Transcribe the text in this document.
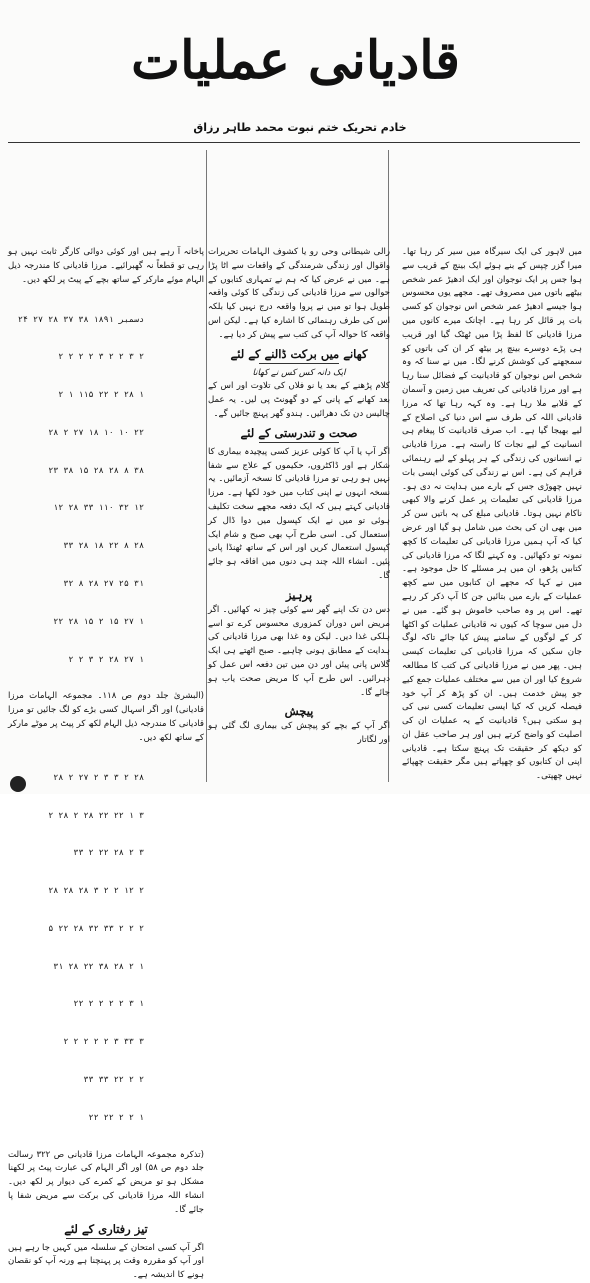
قادیانی عملیات
خادم تحریک ختم نبوت محمد طاہر رزاق

میں لاہور کی ایک سیرگاہ میں سیر کر رہا تھا۔ میرا گزر چپس کے بنے ہوئے ایک بینچ کے قریب سے ہوا جس پر ایک نوجوان اور ایک ادھیڑ عمر شخص بیٹھے باتوں میں مصروف تھے۔ مجھے یوں محسوس ہوا جیسے ادھیڑ عمر شخص اس نوجوان کو کسی بات پر قائل کر رہا ہے۔ اچانک میرے کانوں میں مرزا قادیانی کا لفظ پڑا میں ٹھٹک گیا اور قریب ہی پڑے دوسرے بینچ پر بیٹھ کر ان کی باتوں کو سمجھنے کی کوشش کرنے لگا۔ میں نے سنا کہ وہ شخص اس نوجوان کو قادیانیت کے فضائل سنا رہا ہے اور مرزا قادیانی کی تعریف میں زمین و آسمان کے قلابے ملا رہا ہے۔ وہ کہہ رہا تھا کہ مرزا قادیانی اللہ کی طرف سے اس دنیا کی اصلاح کے لیے بھیجا گیا ہے۔ اب صرف قادیانیت کا پیغام ہی انسانیت کے لیے نجات کا راستہ ہے۔ مرزا قادیانی نے انسانوں کی زندگی کے ہر پہلو کے لیے رہنمائی فراہم کی ہے۔ اس نے زندگی کی کوئی ایسی بات نہیں چھوڑی جس کے بارے میں ہدایت نہ دی ہو۔ مرزا قادیانی کی تعلیمات پر عمل کرنے والا کبھی ناکام نہیں ہوتا۔ قادیانی مبلغ کی یہ باتیں سن کر میں بھی ان کی بحث میں شامل ہو گیا اور عرض کیا کہ آپ ہمیں مرزا قادیانی کی تعلیمات کا کچھ نمونہ تو دکھائیں۔ وہ کہنے لگا کہ مرزا قادیانی کی کتابیں پڑھو، ان میں ہر مسئلے کا حل موجود ہے۔ میں نے کہا کہ مجھے ان کتابوں میں سے کچھ عملیات کے بارے میں بتائیں جن کا آپ ذکر کر رہے تھے۔ اس پر وہ صاحب خاموش ہو گئے۔ میں نے دل میں سوچا کہ کیوں نہ قادیانی عملیات کو اکٹھا کر کے لوگوں کے سامنے پیش کیا جائے تاکہ لوگ جان سکیں کہ مرزا قادیانی کی تعلیمات کیسی ہیں۔ پھر میں نے مرزا قادیانی کی کتب کا مطالعہ شروع کیا اور ان میں سے مختلف عملیات جمع کیے جو پیش خدمت ہیں۔ ان کو پڑھ کر آپ خود فیصلہ کریں کہ کیا ایسی تعلیمات کسی نبی کی ہو سکتی ہیں؟ قادیانیت کے یہ عملیات ان کی اصلیت کو واضح کرتے ہیں اور ہر صاحب عقل ان کو دیکھ کر حقیقت تک پہنچ سکتا ہے۔ قادیانی اپنی ان کتابوں کو چھپاتے ہیں مگر حقیقت چھپائے نہیں چھپتی۔

رالی شیطانی وحی رو یا کشوف الہامات تحریرات واقوال اور زندگی شرمندگی کے واقعات سے اٹا پڑا ہے۔ میں نے عرض کیا کہ ہم نے تمہاری کتابوں کے حوالوں سے مرزا قادیانی کی زندگی کا کوئی واقعہ طویل ہوا تو میں نے پروا واقعہ درج نہیں کیا بلکہ اس کی طرف رہنمائی کا اشارہ کیا ہے۔ لیکن اس واقعہ کا حوالہ آپ کی کتب سے پیش کر دیا ہے۔

کھانے میں برکت ڈالنے کے لئے

ایک دانہ کس کس نے کھانا

کلام پڑھنے کے بعد یا نو فلاں کی تلاوت اور اس کے بعد کھانے کے پانی کے دو گھونٹ پی لیں۔ یہ عمل چالیس دن تک دھرائیں۔ ہندو گھر پہنچ جائیں گے۔

صحت و تندرستی کے لئے

اگر آپ یا آپ کا کوئی عزیز کسی پیچیدہ بیماری کا شکار ہے اور ڈاکٹروں، حکیموں کے علاج سے شفا نہیں ہو رہی تو مرزا قادیانی کا نسخہ آزمائیں۔ یہ نسخہ انہوں نے اپنی کتاب میں خود لکھا ہے۔ مرزا قادیانی کہتے ہیں کہ ایک دفعہ مجھے سخت تکلیف ہوئی تو میں نے ایک کپسول میں دوا ڈال کر استعمال کی۔ اسی طرح آپ بھی صبح و شام ایک کپسول استعمال کریں اور اس کے ساتھ ٹھنڈا پانی پئیں۔ انشاء اللہ چند ہی دنوں میں افاقہ ہو جائے گا۔

پرہیز

دس دن تک اپنے گھر سے کوئی چیز نہ کھائیں۔ اگر مریض اس دوران کمزوری محسوس کرے تو اسے ہلکی غذا دیں۔ لیکن وہ غذا بھی مرزا قادیانی کی ہدایت کے مطابق ہونی چاہیے۔ صبح اٹھتے ہی ایک گلاس پانی پیئں اور دن میں تین دفعہ اس عمل کو دہرائیں۔ اس طرح آپ کا مریض صحت یاب ہو جائے گا۔

پیچش

اگر آپ کے بچے کو پیچش کی بیماری لگ گئی ہو اور لگاتار

پاخانہ آ رہے ہیں اور کوئی دوائی کارگر ثابت نہیں ہو رہی تو قطعاً نہ گھبرائیے۔ مرزا قادیانی کا مندرجہ ذیل الہام موئے مارکر کے ساتھ بچے کے پیٹ پر لکھ دیں۔

۲۴ دسمبر ۱۸۹۱ ۳۸ ۳۷ ۲۸ ۲۷

۲ ۲ ۲ ۲ ۳ ۲ ۲ ۳ ۲

۲ ۱ ۱۱۵ ۲۲ ۲ ۲۸ ۱

۲۸ ۲ ۲۷ ۱۸ ۱۰ ۱۰ ۲۲

۲۳ ۳۸ ۱۵ ۲۸ ۲۸ ۸ ۳۸

۱۲ ۲۸ ۳۳ ۱۱۰ ۳۲ ۱۲

۳۳ ۲۸ ۱۸ ۲۲ ۸ ۲۸

۳۲ ۸ ۲۸ ۲۷ ۲۵ ۳۱

۲۲ ۲۸ ۱۵ ۲ ۱۵ ۲۷ ۱

۲ ۲ ۳ ۲ ۲۸ ۲۷ ۱

(البشریٰ جلد دوم ص ۱۱۸۔ مجموعہ الہامات مرزا قادیانی) اور اگر اسہال کسی بڑے کو لگ جائیں تو مرزا قادیانی کا مندرجہ ذیل الہام لکھ کر پیٹ پر موٹے مارکر کے ساتھ لکھ دیں۔

۲۸ ۲ ۲۷ ۲ ۳ ۳ ۲ ۲۸

۲ ۲۸ ۲ ۲۸ ۲۲ ۲۲ ۱ ۳

۳۳ ۲ ۲۲ ۲۸ ۲ ۳

۲۸ ۲۸ ۲۸ ۳ ۲ ۲ ۱۲ ۲

۵ ۲۲ ۲۸ ۳۲ ۳۳ ۲ ۲ ۲

۳۱ ۲۸ ۲۲ ۳۸ ۲۸ ۲ ۱

۲۲ ۲ ۲ ۲ ۲ ۳ ۱

۲ ۲ ۲ ۲ ۲ ۳ ۳۳ ۳

۳۳ ۳۳ ۲۲ ۲ ۲

۲۲ ۲۲ ۲ ۲ ۱

(تذکرہ مجموعہ الہامات مرزا قادیانی ص ۳۲۲ رسالت جلد دوم ص ۵۸) اور اگر الہام کی عبارت پیٹ پر لکھنا مشکل ہو تو مریض کے کمرے کی دیوار پر لکھ دیں۔ انشاء اللہ مرزا قادیانی کی برکت سے مریض شفا پا جائے گا۔

تیز رفتاری کے لئے

اگر آپ کسی امتحان کے سلسلہ میں کہیں جا رہے ہیں اور آپ کو مقررہ وقت پر پہنچنا ہے ورنہ آپ کو نقصان ہونے کا اندیشہ ہے۔
